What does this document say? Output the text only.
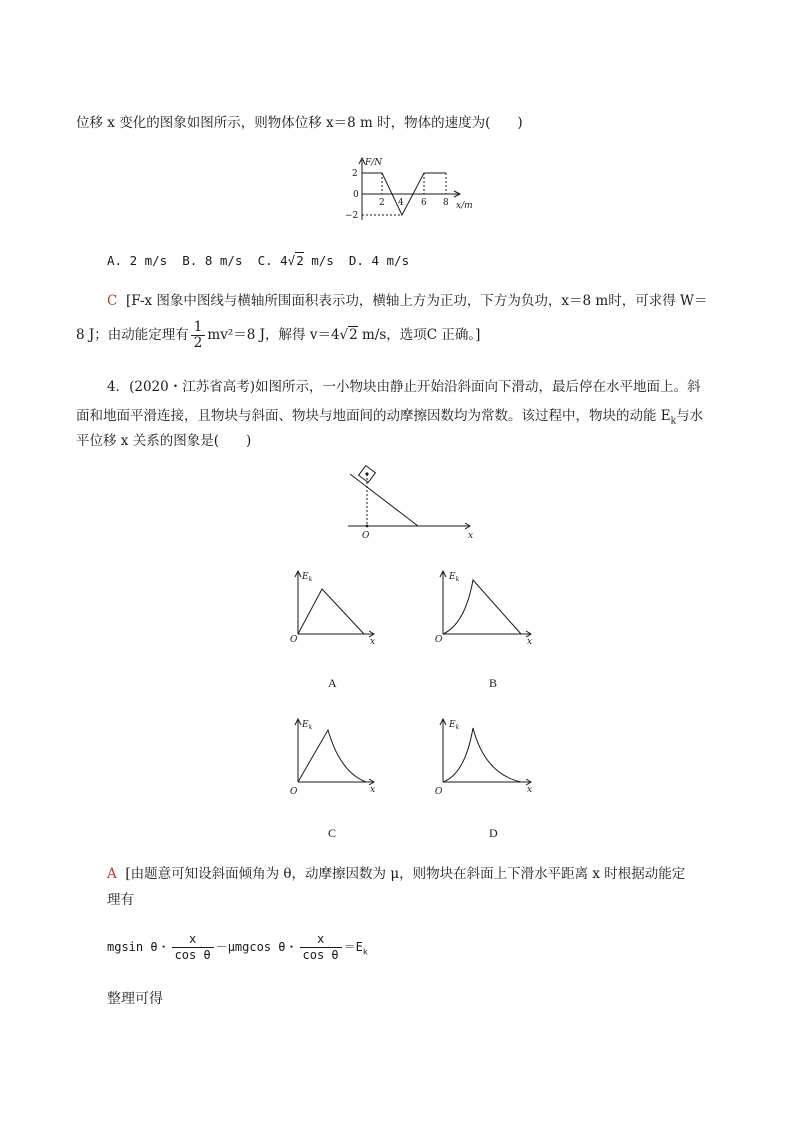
位移 x 变化的图象如图所示，则物体位移 x＝8 m 时，物体的速度为(　　)
F/N
2
0
−2
2 4 6 8 x/m
A. 2 m/s B. 8 m/s C. 4√2 m/s D. 4 m/s
C [F-x 图象中图线与横轴所围面积表示功，横轴上方为正功，下方为负功，x＝8 m时，可求得 W＝
8 J；由动能定理有 $\frac{1}{2} mv^2=8$ J，解得 v＝4√2 m/s，选项C 正确。]
4．(2020・江苏省高考)如图所示，一小物块由静止开始沿斜面向下滑动，最后停在水平地面上。斜
面和地面平滑连接，且物块与斜面、物块与地面间的动摩擦因数均为常数。该过程中，物块的动能 $E_k$与水
平位移 x 关系的图象是(　　)
O	x
$E_k$
O	x
A
$E_k$
O	x
B
$E_k$
O	x
C
$E_k$
O	x
D
A [由题意可知设斜面倾角为 θ，动摩擦因数为 μ，则物块在斜面上下滑水平距离 x 时根据动能定
理有
mgsin θ・ $\frac{x}{\text{cos θ}} -\mu mgcos$ θ・ $\frac{x}{\text{cos θ}} =E_k$
整理可得
